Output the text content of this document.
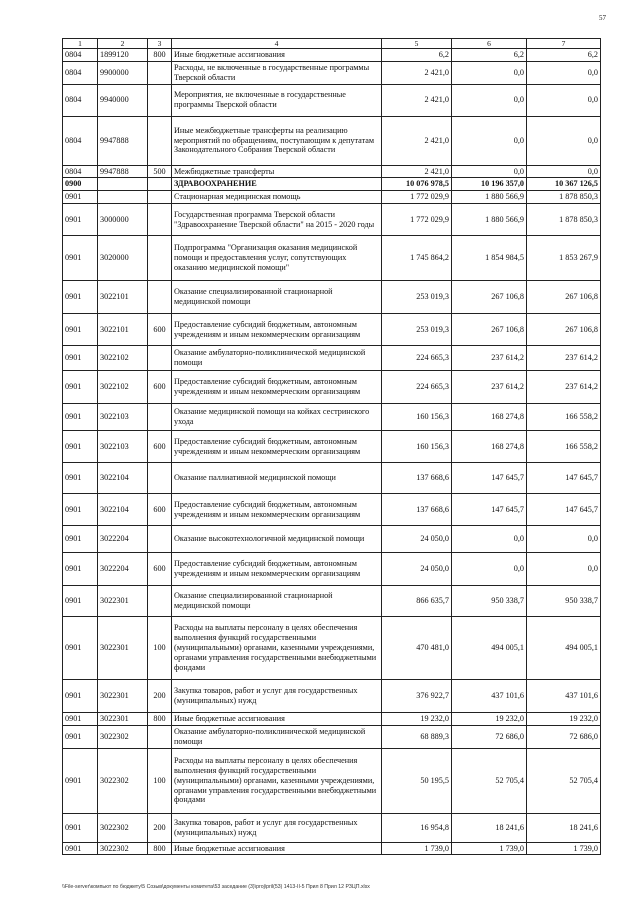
57
1	2	3	4	5	6	7
0804	1899120	800	Иные бюджетные ассигнования	6,2	6,2	6,2
0804	9900000		Расходы, не включенные в государственные программы Тверской области	2 421,0	0,0	0,0
0804	9940000		Мероприятия, не включенные в государственные программы Тверской области	2 421,0	0,0	0,0
0804	9947888		Иные межбюджетные трансферты на реализацию мероприятий по обращениям, поступающим к депутатам Законодательного Собрания Тверской области	2 421,0	0,0	0,0
0804	9947888	500	Межбюджетные трансферты	2 421,0	0,0	0,0
0900			ЗДРАВООХРАНЕНИЕ	10 076 978,5	10 196 357,0	10 367 126,5
0901			Стационарная медицинская помощь	1 772 029,9	1 880 566,9	1 878 850,3
0901	3000000		Государственная программа Тверской области "Здравоохранение Тверской области" на 2015 - 2020 годы	1 772 029,9	1 880 566,9	1 878 850,3
0901	3020000		Подпрограмма "Организация оказания медицинской помощи и предоставления услуг, сопутствующих оказанию медицинской помощи"	1 745 864,2	1 854 984,5	1 853 267,9
0901	3022101		Оказание специализированной стационарной медицинской помощи	253 019,3	267 106,8	267 106,8
0901	3022101	600	Предоставление субсидий бюджетным, автономным учреждениям и иным некоммерческим организациям	253 019,3	267 106,8	267 106,8
0901	3022102		Оказание амбулаторно-поликлинической медицинской помощи	224 665,3	237 614,2	237 614,2
0901	3022102	600	Предоставление субсидий бюджетным, автономным учреждениям и иным некоммерческим организациям	224 665,3	237 614,2	237 614,2
0901	3022103		Оказание медицинской помощи на койках сестринского ухода	160 156,3	168 274,8	166 558,2
0901	3022103	600	Предоставление субсидий бюджетным, автономным учреждениям и иным некоммерческим организациям	160 156,3	168 274,8	166 558,2
0901	3022104		Оказание паллиативной медицинской помощи	137 668,6	147 645,7	147 645,7
0901	3022104	600	Предоставление субсидий бюджетным, автономным учреждениям и иным некоммерческим организациям	137 668,6	147 645,7	147 645,7
0901	3022204		Оказание высокотехнологичной медицинской помощи	24 050,0	0,0	0,0
0901	3022204	600	Предоставление субсидий бюджетным, автономным учреждениям и иным некоммерческим организациям	24 050,0	0,0	0,0
0901	3022301		Оказание специализированной стационарной медицинской помощи	866 635,7	950 338,7	950 338,7
0901	3022301	100	Расходы на выплаты персоналу в целях обеспечения выполнения функций государственными (муниципальными) органами, казенными учреждениями, органами управления государственными внебюджетными фондами	470 481,0	494 005,1	494 005,1
0901	3022301	200	Закупка товаров, работ и услуг для государственных (муниципальных) нужд	376 922,7	437 101,6	437 101,6
0901	3022301	800	Иные бюджетные ассигнования	19 232,0	19 232,0	19 232,0
0901	3022302		Оказание амбулаторно-поликлинической медицинской помощи	68 889,3	72 686,0	72 686,0
0901	3022302	100	Расходы на выплаты персоналу в целях обеспечения выполнения функций государственными (муниципальными) органами, казенными учреждениями, органами управления государственными внебюджетными фондами	50 195,5	52 705,4	52 705,4
0901	3022302	200	Закупка товаров, работ и услуг для государственных (муниципальных) нужд	16 954,8	18 241,6	18 241,6
0901	3022302	800	Иные бюджетные ассигнования	1 739,0	1 739,0	1 739,0
\\File-server\компьют по бюджету\5 Созыв\документы комитета\53 заседание (3)\proj\pril(53) 1413-II-5 Прил 8 Прил 12 РЗЦП.xlsx
